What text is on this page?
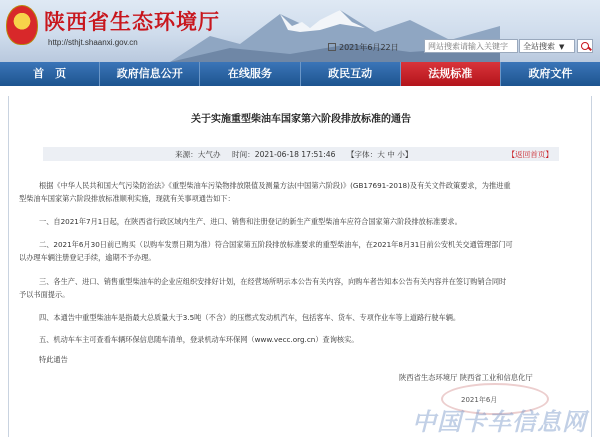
陕西省生态环境厅
http://sthjt.shaanxi.gov.cn
2021年6月22日
网站搜索请输入关键字	全站搜索 ▼
首　页	政府信息公开	在线服务	政民互动	法规标准	政府文件
关于实施重型柴油车国家第六阶段排放标准的通告
来源：大气办 时间：2021-06-18 17:51:46 【字体：大 中 小】	【返回首页】
根据《中华人民共和国大气污染防治法》《重型柴油车污染物排放限值及测量方法(中国第六阶段)》(GB17691-2018)及有关文件政策要求，为推进重
型柴油车国家第六阶段排放标准顺利实施，现就有关事项通告如下：
一、自2021年7月1日起，在陕西省行政区域内生产、进口、销售和注册登记的新生产重型柴油车应符合国家第六阶段排放标准要求。
二、2021年6月30日前已购买（以购车发票日期为准）符合国家第五阶段排放标准要求的重型柴油车，在2021年8月31日前公安机关交通管理部门可
以办理车辆注册登记手续，逾期不予办理。
三、各生产、进口、销售重型柴油车的企业应组织安排好计划，在经营场所明示本公告有关内容，向购车者告知本公告有关内容并在签订购销合同时
予以书面提示。
四、本通告中重型柴油车是指最大总质量大于3.5吨（不含）的压燃式发动机汽车，包括客车、货车、专项作业车等上道路行驶车辆。
五、机动车车主可查看车辆环保信息随车清单，登录机动车环保网（www.vecc.org.cn）查询核实。
特此通告
陕西省生态环境厅 陕西省工业和信息化厅
2021年6月
中国卡车信息网
